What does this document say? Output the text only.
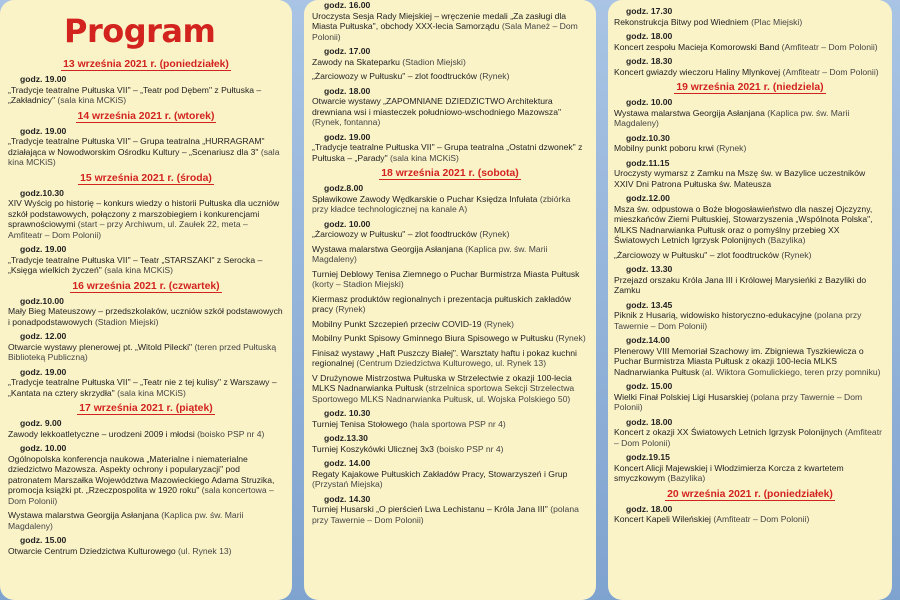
Program
13 września 2021 r. (poniedziałek)
godz. 19.00
„Tradycje teatralne Pułtuska VII" – „Teatr pod Dębem" z Pułtuska – „Zakładnicy" (sala kina MCKiS)
14 września 2021 r. (wtorek)
godz. 19.00
„Tradycje teatralne Pułtuska VII" – Grupa teatralna „HURRAGRAM" działająca w Nowodworskim Ośrodku Kultury – „Scenariusz dla 3" (sala kina MCKiS)
15 września 2021 r. (środa)
godz.10.30
XIV Wyścig po historię – konkurs wiedzy o historii Pułtuska dla uczniów szkół podstawowych, połączony z marszobiegiem i konkurencjami sprawnościowymi (start – przy Archiwum, ul. Zaułek 22, meta – Amfiteatr – Dom Polonii)
godz. 19.00
„Tradycje teatralne Pułtuska VII" – Teatr „STARSZAKI" z Serocka – „Księga wielkich życzeń" (sala kina MCKiS)
16 września 2021 r. (czwartek)
godz.10.00
Mały Bieg Mateuszowy – przedszkolaków, uczniów szkół podstawowych i ponadpodstawowych (Stadion Miejski)
godz. 12.00
Otwarcie wystawy plenerowej pt. „Witold Pilecki" (teren przed Pułtuską Biblioteką Publiczną)
godz. 19.00
„Tradycje teatralne Pułtuska VII" – „Teatr nie z tej kulisy" z Warszawy – „Kantata na cztery skrzydła" (sala kina MCKiS)
17 września 2021 r. (piątek)
godz. 9.00
Zawody lekkoatletyczne – urodzeni 2009 i młodsi (boisko PSP nr 4)
godz. 10.00
Ogólnopolska konferencja naukowa „Materialne i niematerialne dziedzictwo Mazowsza. Aspekty ochrony i popularyzacji" pod patronatem Marszałka Województwa Mazowieckiego Adama Struzika, promocja książki pt. „Rzeczpospolita w 1920 roku" (sala koncertowa – Dom Polonii)
Wystawa malarstwa Georgija Asłanjana (Kaplica pw. św. Marii Magdaleny)
godz. 15.00
Otwarcie Centrum Dziedzictwa Kulturowego (ul. Rynek 13)
godz. 16.00
Uroczysta Sesja Rady Miejskiej – wręczenie medali „Za zasługi dla Miasta Pułtuska", obchody XXX-lecia Samorządu (Sala Maneż – Dom Polonii)
godz. 17.00
Zawody na Skateparku (Stadion Miejski)
„Żarciowozy w Pułtusku" – zlot foodtrucków (Rynek)
godz. 18.00
Otwarcie wystawy „ZAPOMNIANE DZIEDZICTWO Architektura drewniana wsi i miasteczek południowo-wschodniego Mazowsza" (Rynek, fontanna)
godz. 19.00
„Tradycje teatralne Pułtuska VII" – Grupa teatralna „Ostatni dzwonek" z Pułtuska – „Parady" (sala kina MCKiS)
18 września 2021 r. (sobota)
godz.8.00
Spławikowe Zawody Wędkarskie o Puchar Księdza Infułata (zbiórka przy kładce technologicznej na kanale A)
godz. 10.00
„Żarciowozy w Pułtusku" – zlot foodtrucków (Rynek)
Wystawa malarstwa Georgija Asłanjana (Kaplica pw. św. Marii Magdaleny)
Turniej Deblowy Tenisa Ziemnego o Puchar Burmistrza Miasta Pułtusk (korty – Stadion Miejski)
Kiermasz produktów regionalnych i prezentacja pułtuskich zakładów pracy (Rynek)
Mobilny Punkt Szczepień przeciw COVID-19 (Rynek)
Mobilny Punkt Spisowy Gminnego Biura Spisowego w Pułtusku (Rynek)
Finisaż wystawy „Haft Puszczy Białej". Warsztaty haftu i pokaz kuchni regionalnej (Centrum Dziedzictwa Kulturowego, ul. Rynek 13)
V Drużynowe Mistrzostwa Pułtuska w Strzelectwie z okazji 100-lecia MLKS Nadnarwianka Pułtusk (strzelnica sportowa Sekcji Strzelectwa Sportowego MLKS Nadnarwianka Pułtusk, ul. Wojska Polskiego 50)
godz. 10.30
Turniej Tenisa Stołowego (hala sportowa PSP nr 4)
godz.13.30
Turniej Koszykówki Ulicznej 3x3 (boisko PSP nr 4)
godz. 14.00
Regaty Kajakowe Pułtuskich Zakładów Pracy, Stowarzyszeń i Grup (Przystań Miejska)
godz. 14.30
Turniej Husarski „O pierścień Lwa Lechistanu – Króla Jana III" (polana przy Tawernie – Dom Polonii)
godz. 17.30
Rekonstrukcja Bitwy pod Wiedniem (Plac Miejski)
godz. 18.00
Koncert zespołu Macieja Komorowski Band (Amfiteatr – Dom Polonii)
godz. 18.30
Koncert gwiazdy wieczoru Haliny Mlynkovej (Amfiteatr – Dom Polonii)
19 września 2021 r. (niedziela)
godz. 10.00
Wystawa malarstwa Georgija Asłanjana (Kaplica pw. św. Marii Magdaleny)
godz.10.30
Mobilny punkt poboru krwi (Rynek)
godz.11.15
Uroczysty wymarsz z Zamku na Mszę św. w Bazylice uczestników XXIV Dni Patrona Pułtuska św. Mateusza
godz.12.00
Msza św. odpustowa o Boże błogosławieństwo dla naszej Ojczyzny, mieszkańców Ziemi Pułtuskiej, Stowarzyszenia „Wspólnota Polska", MLKS Nadnarwianka Pułtusk oraz o pomyślny przebieg XX Światowych Letnich Igrzysk Polonijnych (Bazylika)
„Żarciowozy w Pułtusku" – zlot foodtrucków (Rynek)
godz. 13.30
Przejazd orszaku Króla Jana III i Królowej Marysieńki z Bazyliki do Zamku
godz. 13.45
Piknik z Husarią, widowisko historyczno-edukacyjne (polana przy Tawernie – Dom Polonii)
godz.14.00
Plenerowy VIII Memoriał Szachowy im. Zbigniewa Tyszkiewicza o Puchar Burmistrza Miasta Pułtusk z okazji 100-lecia MLKS Nadnarwianka Pułtusk (al. Wiktora Gomulickiego, teren przy pomniku)
godz. 15.00
Wielki Finał Polskiej Ligi Husarskiej (polana przy Tawernie – Dom Polonii)
godz. 18.00
Koncert z okazji XX Światowych Letnich Igrzysk Polonijnych (Amfiteatr – Dom Polonii)
godz.19.15
Koncert Alicji Majewskiej i Włodzimierza Korcza z kwartetem smyczkowym (Bazylika)
20 września 2021 r. (poniedziałek)
godz. 18.00
Koncert Kapeli Wileńskiej (Amfiteatr – Dom Polonii)
